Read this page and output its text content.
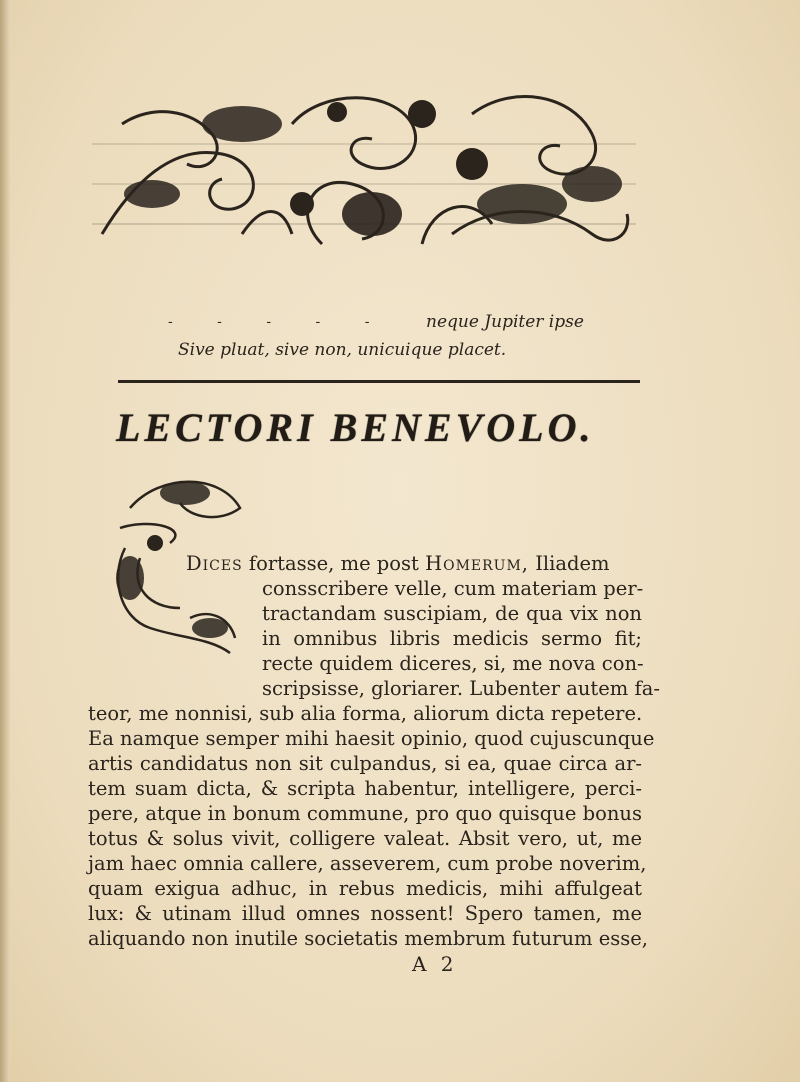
- - - - - neque Jupiter ipse
Sive pluat, sive non, unicuique placet.
LECTORI BENEVOLO.
Dices fortasse, me post Homerum, Iliadem
consscribere velle, cum materiam per-
tractandam suscipiam, de qua vix non
in omnibus libris medicis sermo fit;
recte quidem diceres, si, me nova con-
scripsisse, gloriarer. Lubenter autem fa-
teor, me nonnisi, sub alia forma, aliorum dicta repetere.
Ea namque semper mihi haesit opinio, quod cujuscunque
artis candidatus non sit culpandus, si ea, quae circa ar-
tem suam dicta, & scripta habentur, intelligere, perci-
pere, atque in bonum commune, pro quo quisque bonus
totus & solus vivit, colligere valeat. Absit vero, ut, me
jam haec omnia callere, asseverem, cum probe noverim,
quam exigua adhuc, in rebus medicis, mihi affulgeat
lux: & utinam illud omnes nossent! Spero tamen, me
aliquando non inutile societatis membrum futurum esse,
A 2
